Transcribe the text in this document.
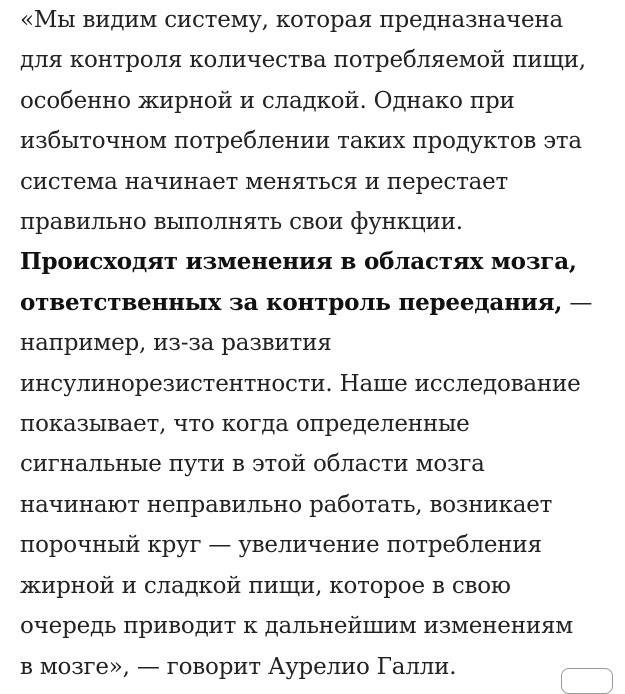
«Мы видим систему, которая предназначена
для контроля количества потребляемой пищи,
особенно жирной и сладкой. Однако при
избыточном потреблении таких продуктов эта
система начинает меняться и перестает
правильно выполнять свои функции.
Происходят изменения в областях мозга,
ответственных за контроль переедания, —
например, из-за развития
инсулинорезистентности. Наше исследование
показывает, что когда определенные
сигнальные пути в этой области мозга
начинают неправильно работать, возникает
порочный круг — увеличение потребления
жирной и сладкой пищи, которое в свою
очередь приводит к дальнейшим изменениям
в мозге», — говорит Аурелио Галли.
